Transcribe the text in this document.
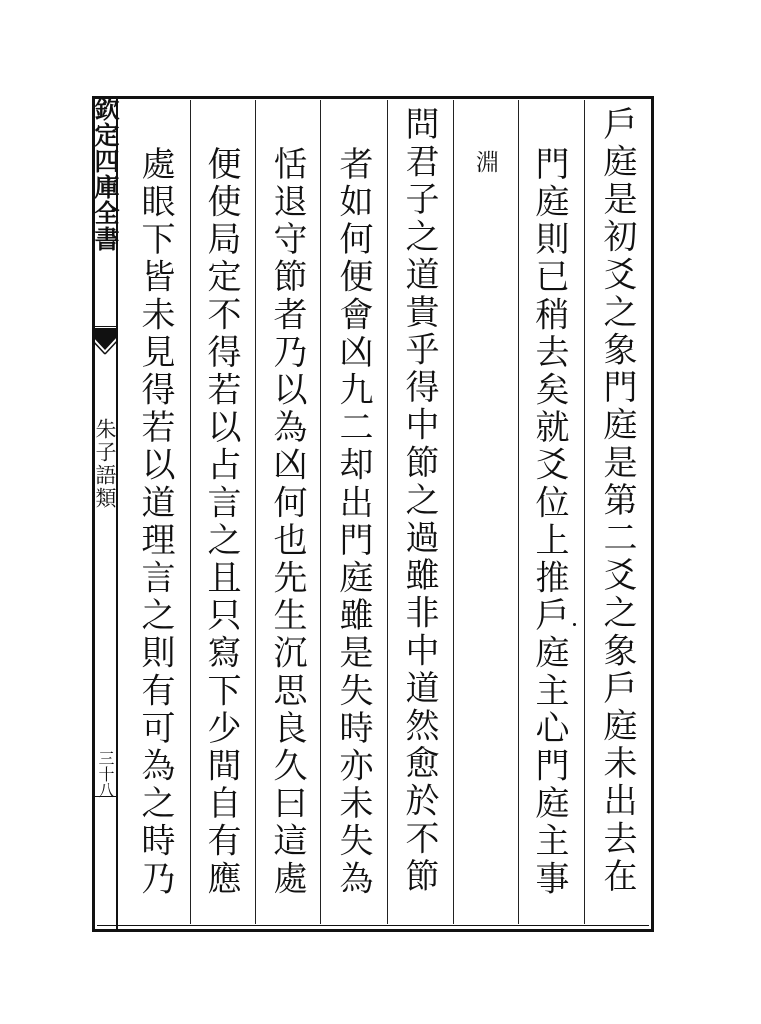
欽定四庫全書
朱子語類
三十八	戶庭是初爻之象門庭是第二爻之象戶庭未出去在
門庭則已稍去矣就爻位上推戶庭主心門庭主事
淵
問君子之道貴乎得中節之過雖非中道然愈於不節
者如何便會凶九二却出門庭雖是失時亦未失為
恬退守節者乃以為凶何也先生沉思良久曰這處
便使局定不得若以占言之且只寫下少間自有應
處眼下皆未見得若以道理言之則有可為之時乃
